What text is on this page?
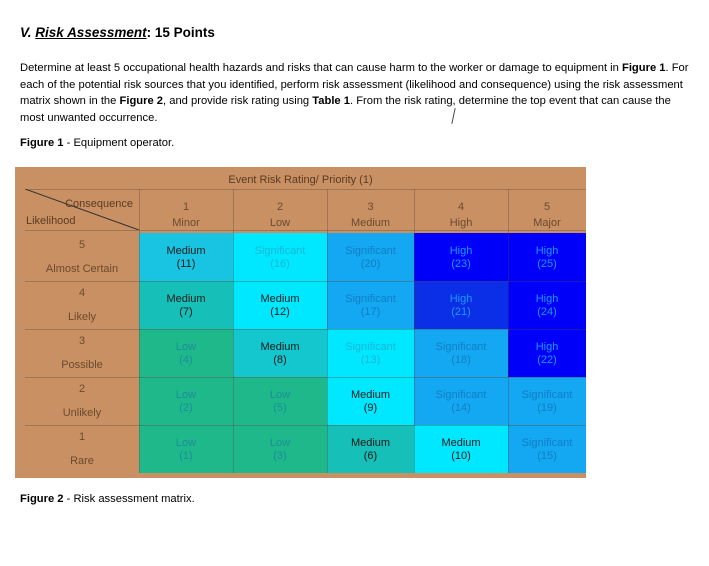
V. Risk Assessment: 15 Points
Determine at least 5 occupational health hazards and risks that can cause harm to the worker or damage to equipment in Figure 1. For each of the potential risk sources that you identified, perform risk assessment (likelihood and consequence) using the risk assessment matrix shown in the Figure 2, and provide risk rating using Table 1. From the risk rating, determine the top event that can cause the most unwanted occurrence.
Figure 1 - Equipment operator.
Event Risk Rating/ Priority (1)
Consequence
Likelihood
1
Minor
2
Low
3
Medium
4
High
5
Major
5
Almost Certain
Medium
(11)
Significant
(16)
Significant
(20)
High
(23)
High
(25)
4
Likely
Medium
(7)
Medium
(12)
Significant
(17)
High
(21)
High
(24)
3
Possible
Low
(4)
Medium
(8)
Significant
(13)
Significant
(18)
High
(22)
2
Unlikely
Low
(2)
Low
(5)
Medium
(9)
Significant
(14)
Significant
(19)
1
Rare
Low
(1)
Low
(3)
Medium
(6)
Medium
(10)
Significant
(15)
Figure 2 - Risk assessment matrix.
